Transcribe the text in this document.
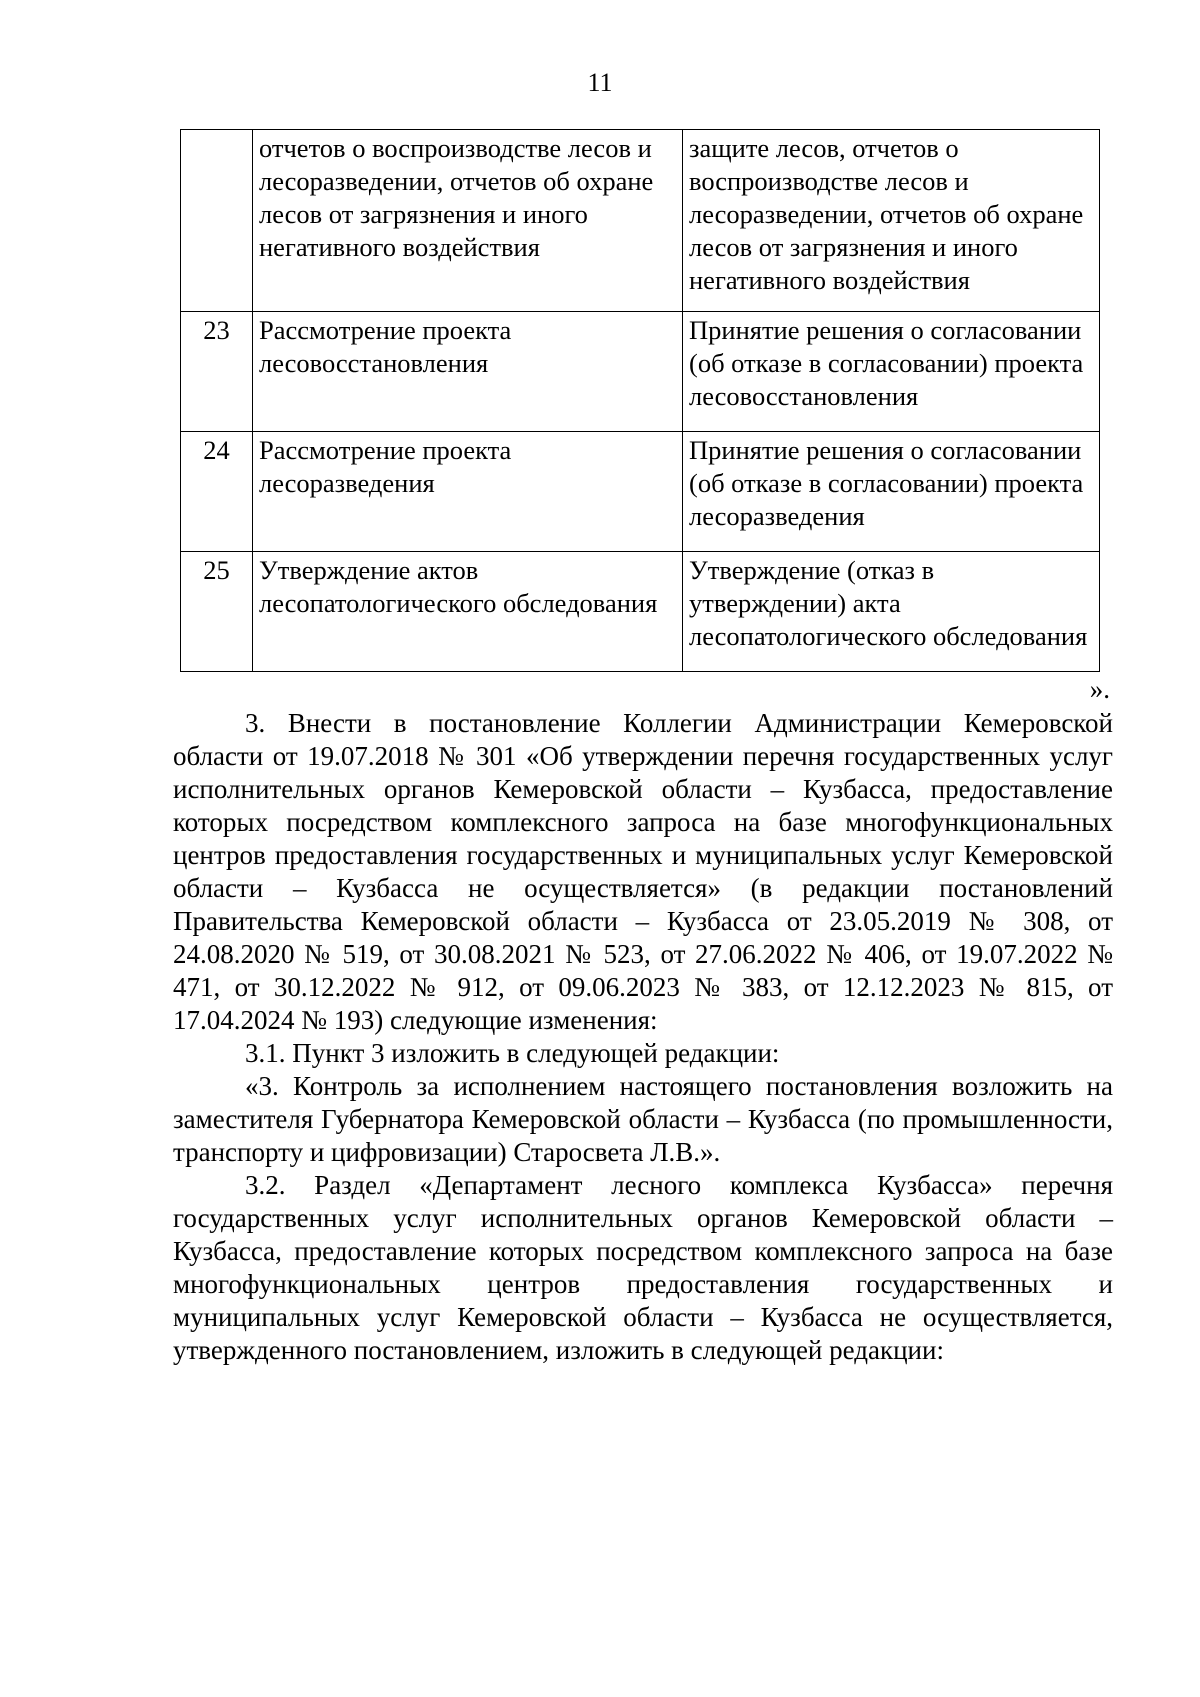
11
	отчетов о воспроизводстве лесов и лесоразведении, отчетов об охране лесов от загрязнения и иного негативного воздействия	защите лесов, отчетов о воспроизводстве лесов и лесоразведении, отчетов об охране лесов от загрязнения и иного негативного воздействия
23	Рассмотрение проекта лесовосстановления	Принятие решения о согласовании (об отказе в согласовании) проекта лесовосстановления
24	Рассмотрение проекта лесоразведения	Принятие решения о согласовании (об отказе в согласовании) проекта лесоразведения
25	Утверждение актов лесопатологического обследования	Утверждение (отказ в утверждении) акта лесопатологического обследования
».

3. Внести в постановление Коллегии Администрации Кемеровской области от 19.07.2018 № 301 «Об утверждении перечня государственных услуг исполнительных органов Кемеровской области – Кузбасса, предоставление которых посредством комплексного запроса на базе многофункциональных центров предоставления государственных и муниципальных услуг Кемеровской области – Кузбасса не осуществляется» (в редакции постановлений Правительства Кемеровской области – Кузбасса от 23.05.2019 № 308, от 24.08.2020 № 519, от 30.08.2021 № 523, от 27.06.2022 № 406, от 19.07.2022 № 471, от 30.12.2022 № 912, от 09.06.2023 № 383, от 12.12.2023 № 815, от 17.04.2024 № 193) следующие изменения:

3.1. Пункт 3 изложить в следующей редакции:

«3. Контроль за исполнением настоящего постановления возложить на заместителя Губернатора Кемеровской области – Кузбасса (по промышленности, транспорту и цифровизации) Старосвета Л.В.».

3.2. Раздел «Департамент лесного комплекса Кузбасса» перечня государственных услуг исполнительных органов Кемеровской области – Кузбасса, предоставление которых посредством комплексного запроса на базе многофункциональных центров предоставления государственных и муниципальных услуг Кемеровской области – Кузбасса не осуществляется, утвержденного постановлением, изложить в следующей редакции:
